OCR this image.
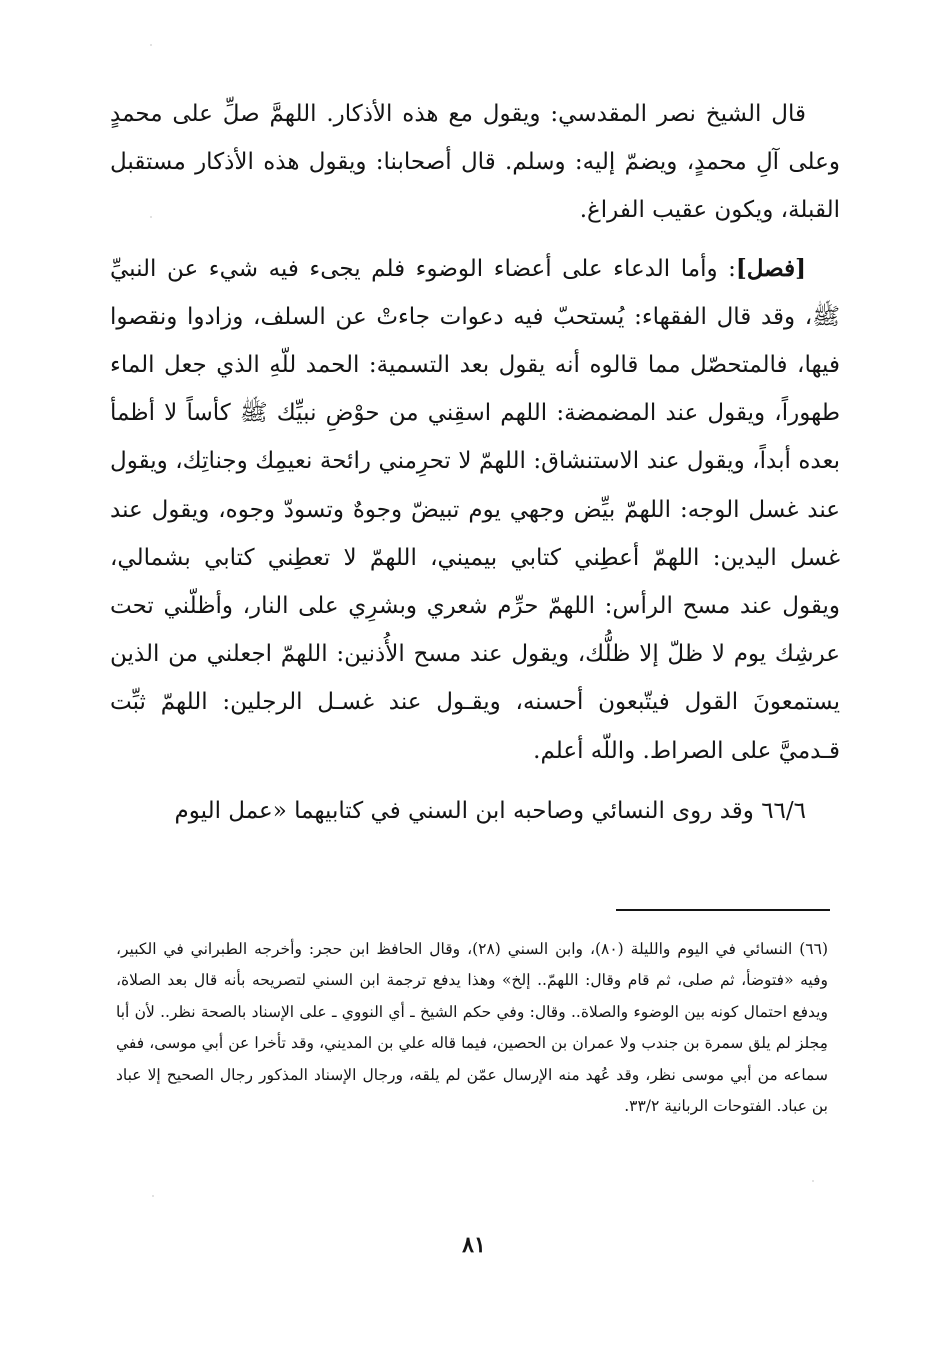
قال الشيخ نصر المقدسي: ويقول مع هذه الأذكار. اللهمَّ صلِّ على محمدٍ وعلى آلِ محمدٍ، ويضمّ إليه: وسلم. قال أصحابنا: ويقول هذه الأذكار مستقبل القبلة، ويكون عقيب الفراغ.

[فصل]: وأما الدعاء على أعضاء الوضوء فلم يجىء فيه شيء عن النبيِّ ﷺ، وقد قال الفقهاء: يُستحبّ فيه دعوات جاءتْ عن السلف، وزادوا ونقصوا فيها، فالمتحصّل مما قالوه أنه يقول بعد التسمية: الحمد للّهِ الذي جعل الماء طهوراً، ويقول عند المضمضة: اللهم اسقِني من حوْضِ نبيِّك ﷺ كأساً لا أظمأ بعده أبداً، ويقول عند الاستنشاق: اللهمّ لا تحرِمني رائحة نعيمِك وجناتِك، ويقول عند غسل الوجه: اللهمّ بيِّض وجهي يوم تبيضّ وجوهٌ وتسودّ وجوه، ويقول عند غسل اليدين: اللهمّ أعطِني كتابي بيميني، اللهمّ لا تعطِني كتابي بشمالي، ويقول عند مسح الرأس: اللهمّ حرِّم شعري وبشرِي على النار، وأظلّني تحت عرشِك يوم لا ظلّ إلا ظلُّك، ويقول عند مسح الأُذنين: اللهمّ اجعلني من الذين يستمعونَ القول فيتّبعون أحسنه، ويقـول عند غسـل الرجلين: اللهمّ ثبِّت قـدميَّ على الصراط. واللّه أعلم.

٦٦/٦ وقد روى النسائي وصاحبه ابن السني في كتابيهما «عمل اليوم

(٦٦) النسائي في اليوم والليلة (٨٠)، وابن السني (٢٨)، وقال الحافظ ابن حجر: وأخرجه الطبراني في الكبير، وفيه «فتوضأ، ثم صلى، ثم قام وقال: اللهمّ.. إلخ» وهذا يدفع ترجمة ابن السني لتصريحه بأنه قال بعد الصلاة، ويدفع احتمال كونه بين الوضوء والصلاة.. وقال: وفي حكم الشيخ ـ أي النووي ـ على الإسناد بالصحة نظر.. لأن أبا مِجلز لم يلق سمرة بن جندب ولا عمران بن الحصين، فيما قاله علي بن المديني، وقد تأخرا عن أبي موسى، ففي سماعه من أبي موسى نظر، وقد عُهد منه الإرسال عمّن لم يلقه، ورجال الإسناد المذكور رجال الصحيح إلا عباد بن عباد. الفتوحات الربانية ٣٣/٢.

٨١
